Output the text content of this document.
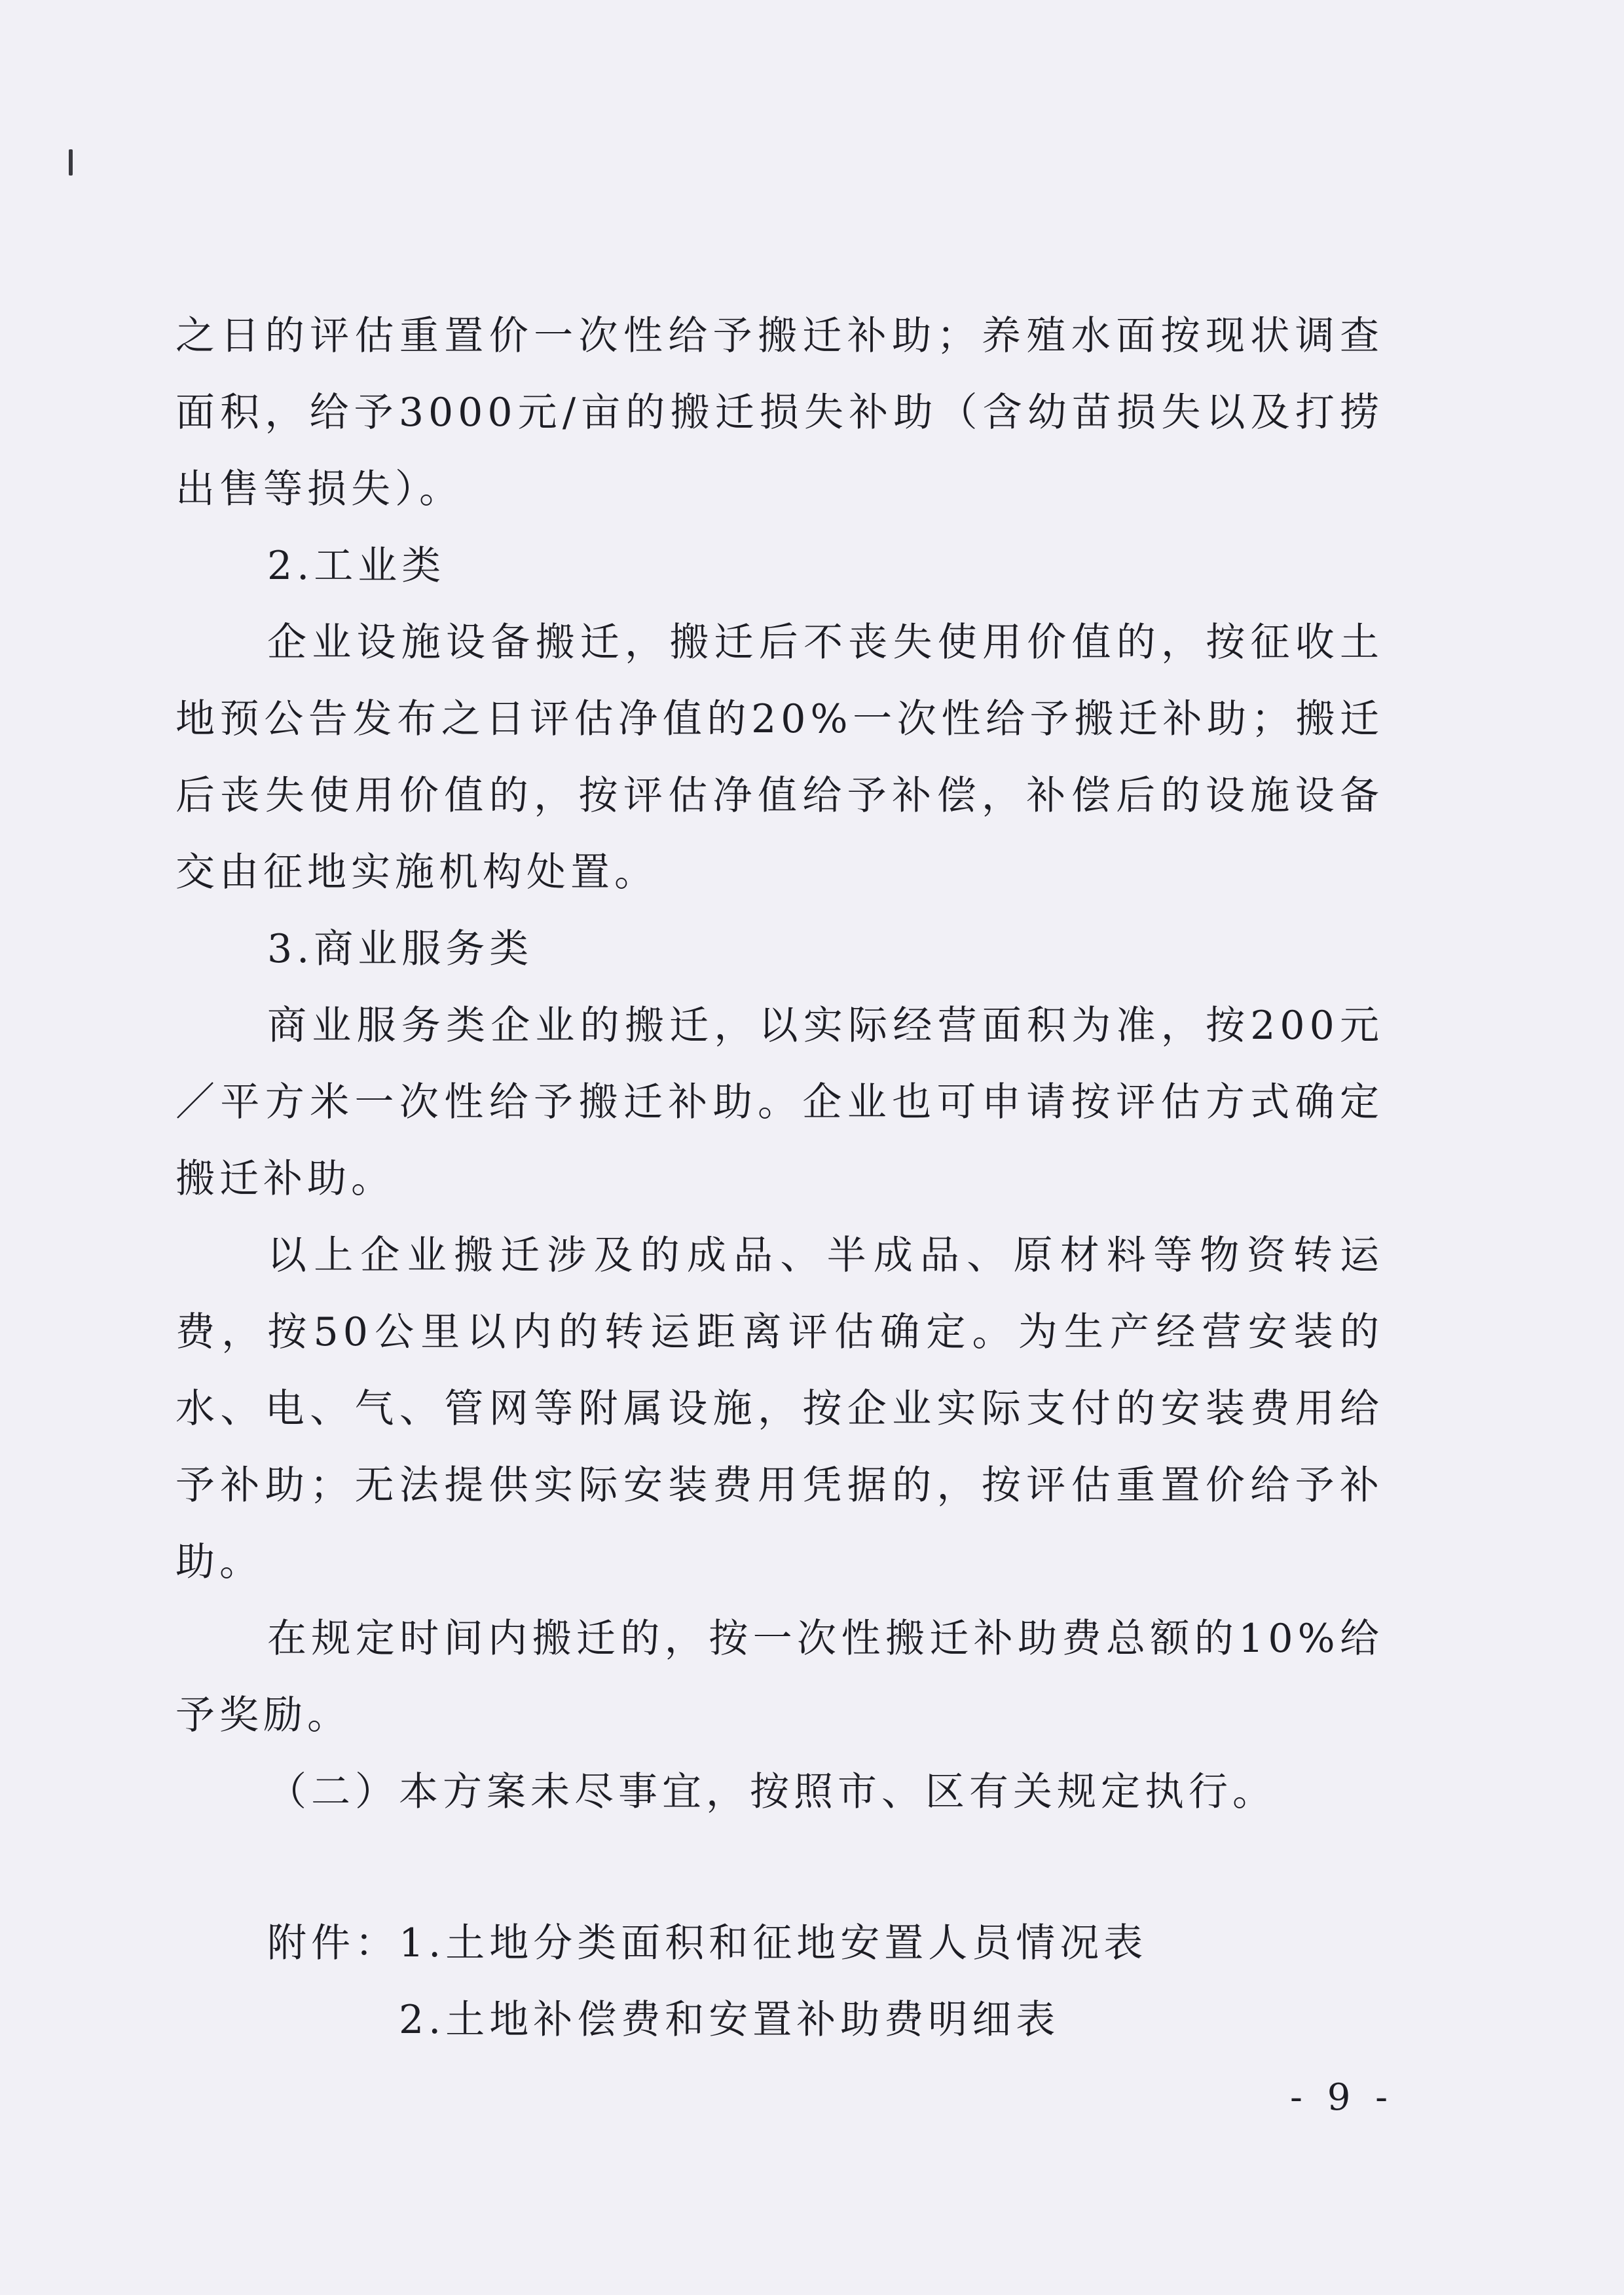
之日的评估重置价一次性给予搬迁补助；养殖水面按现状调查面积，给予3000元/亩的搬迁损失补助（含幼苗损失以及打捞出售等损失）。

2.工业类

企业设施设备搬迁，搬迁后不丧失使用价值的，按征收土地预公告发布之日评估净值的20%一次性给予搬迁补助；搬迁后丧失使用价值的，按评估净值给予补偿，补偿后的设施设备交由征地实施机构处置。

3.商业服务类

商业服务类企业的搬迁，以实际经营面积为准，按200元／平方米一次性给予搬迁补助。企业也可申请按评估方式确定搬迁补助。

以上企业搬迁涉及的成品、半成品、原材料等物资转运费，按50公里以内的转运距离评估确定。为生产经营安装的水、电、气、管网等附属设施，按企业实际支付的安装费用给予补助；无法提供实际安装费用凭据的，按评估重置价给予补助。

在规定时间内搬迁的，按一次性搬迁补助费总额的10%给予奖励。

（二）本方案未尽事宜，按照市、区有关规定执行。

附件： 1.土地分类面积和征地安置人员情况表
2.土地补偿费和安置补助费明细表
- 9 -
